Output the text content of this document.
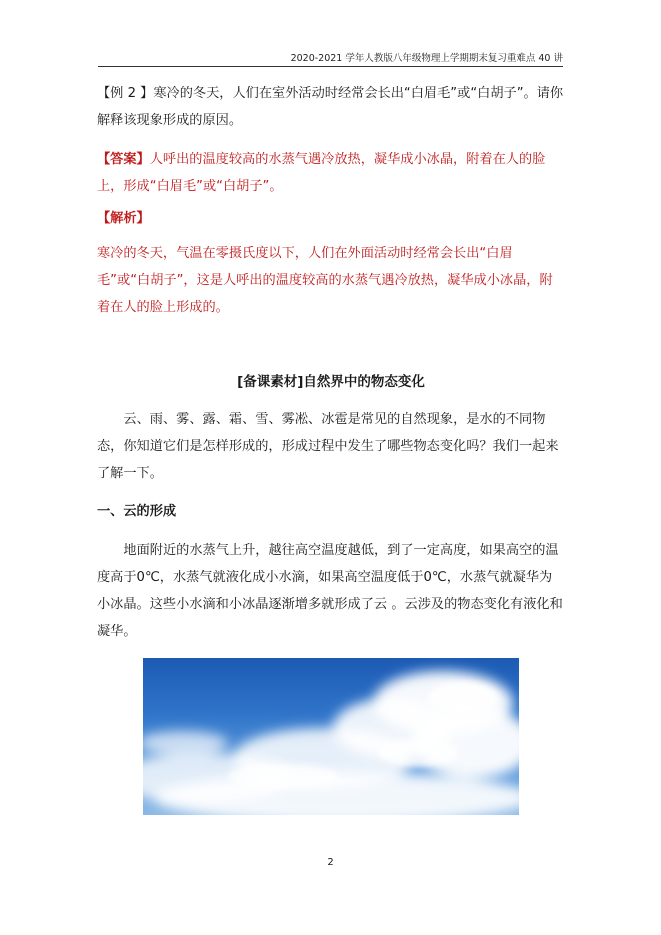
2020-2021 学年人教版八年级物理上学期期末复习重难点 40 讲
【例 2 】寒冷的冬天，人们在室外活动时经常会长出“白眉毛”或“白胡子”。请你解释该现象形成的原因。
【答案】人呼出的温度较高的水蒸气遇冷放热，凝华成小冰晶，附着在人的脸上，形成“白眉毛”或“白胡子”。
【解析】
寒冷的冬天，气温在零摄氏度以下，人们在外面活动时经常会长出“白眉毛”或“白胡子”，这是人呼出的温度较高的水蒸气遇冷放热，凝华成小冰晶，附着在人的脸上形成的。
[备课素材]自然界中的物态变化
云、雨、雾、露、霜、雪、雾凇、冰雹是常见的自然现象，是水的不同物态，你知道它们是怎样形成的，形成过程中发生了哪些物态变化吗？我们一起来了解一下。
一、云的形成
地面附近的水蒸气上升，越往高空温度越低，到了一定高度，如果高空的温度高于0℃，水蒸气就液化成小水滴，如果高空温度低于0℃，水蒸气就凝华为小冰晶。这些小水滴和小冰晶逐渐增多就形成了云 。云涉及的物态变化有液化和凝华。
2
